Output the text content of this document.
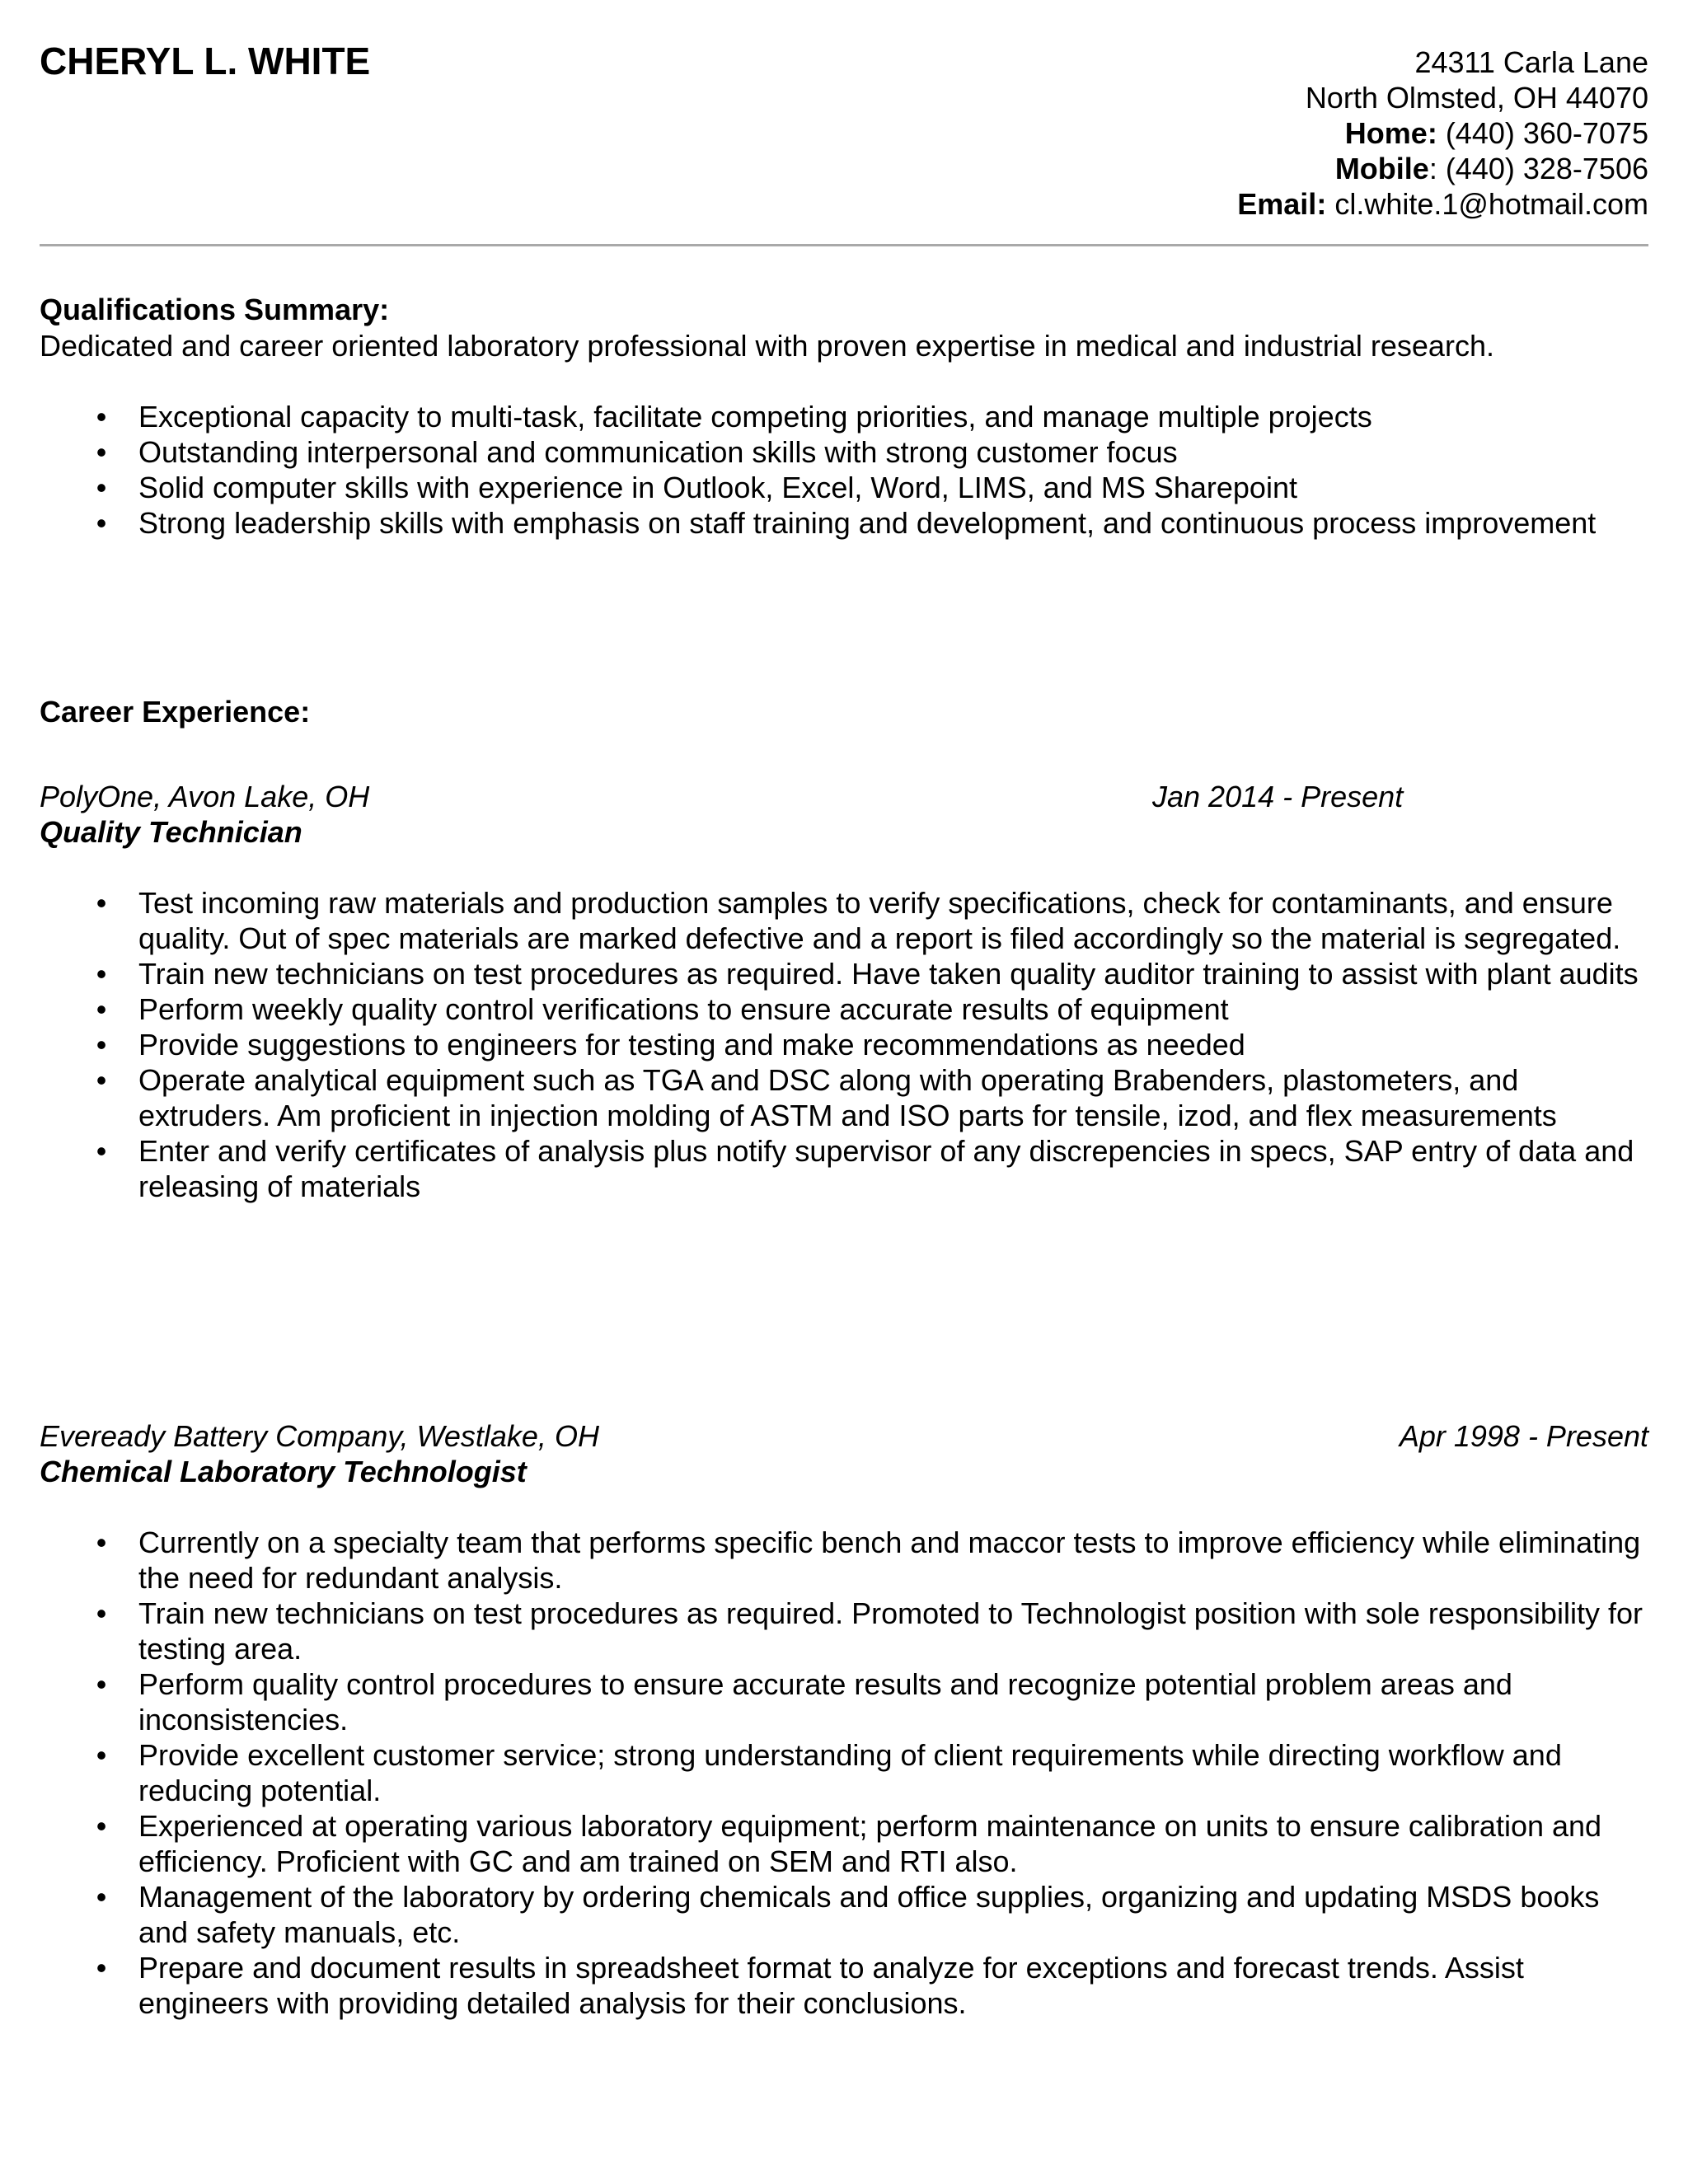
CHERYL L. WHITE	24311 Carla Lane
North Olmsted, OH 44070
Home: (440) 360-7075
Mobile: (440) 328-7506
Email: cl.white.1@hotmail.com
Qualifications Summary:

Dedicated and career oriented laboratory professional with proven expertise in medical and industrial research.

• Exceptional capacity to multi-task, facilitate competing priorities, and manage multiple projects
• Outstanding interpersonal and communication skills with strong customer focus
• Solid computer skills with experience in Outlook, Excel, Word, LIMS, and MS Sharepoint
• Strong leadership skills with emphasis on staff training and development, and continuous process improvement
Career Experience:

PolyOne, Avon Lake, OH	Jan 2014 - Present

Quality Technician

• Test incoming raw materials and production samples to verify specifications, check for contaminants, and ensure quality. Out of spec materials are marked defective and a report is filed accordingly so the material is segregated.
• Train new technicians on test procedures as required. Have taken quality auditor training to assist with plant audits
• Perform weekly quality control verifications to ensure accurate results of equipment
• Provide suggestions to engineers for testing and make recommendations as needed
• Operate analytical equipment such as TGA and DSC along with operating Brabenders, plastometers, and extruders. Am proficient in injection molding of ASTM and ISO parts for tensile, izod, and flex measurements
• Enter and verify certificates of analysis plus notify supervisor of any discrepencies in specs, SAP entry of data and releasing of materials

Eveready Battery Company, Westlake, OH	Apr 1998 - Present

Chemical Laboratory Technologist

• Currently on a specialty team that performs specific bench and maccor tests to improve efficiency while eliminating the need for redundant analysis.
• Train new technicians on test procedures as required. Promoted to Technologist position with sole responsibility for testing area.
• Perform quality control procedures to ensure accurate results and recognize potential problem areas and inconsistencies.
• Provide excellent customer service; strong understanding of client requirements while directing workflow and reducing potential.
• Experienced at operating various laboratory equipment; perform maintenance on units to ensure calibration and efficiency. Proficient with GC and am trained on SEM and RTI also.
• Management of the laboratory by ordering chemicals and office supplies, organizing and updating MSDS books and safety manuals, etc.
• Prepare and document results in spreadsheet format to analyze for exceptions and forecast trends. Assist engineers with providing detailed analysis for their conclusions.
